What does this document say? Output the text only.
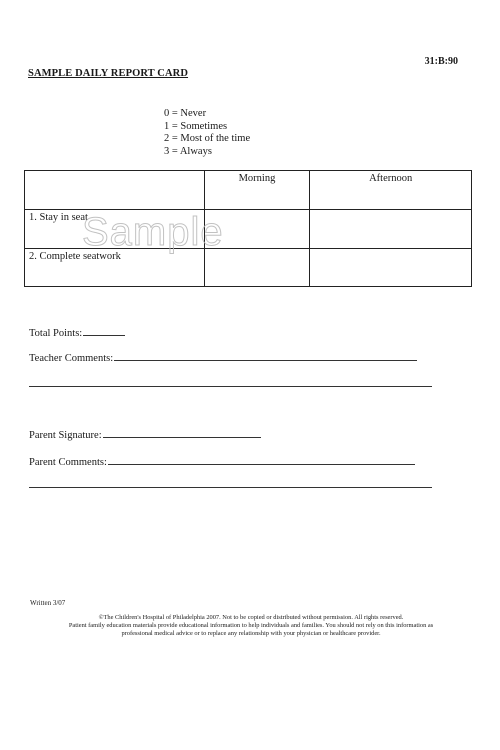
31:B:90
SAMPLE DAILY REPORT CARD
0 = Never
1 = Sometimes
2 = Most of the time
3 = Always
	Morning	Afternoon
1. Stay in seat		
2. Complete seatwork		
Sample
Total Points:
Teacher Comments:
Parent Signature:
Parent Comments:
Written 3/07
©The Children's Hospital of Philadelphia 2007. Not to be copied or distributed without permission. All rights reserved.
Patient family education materials provide educational information to help individuals and families. You should not rely on this information as
professional medical advice or to replace any relationship with your physician or healthcare provider.
